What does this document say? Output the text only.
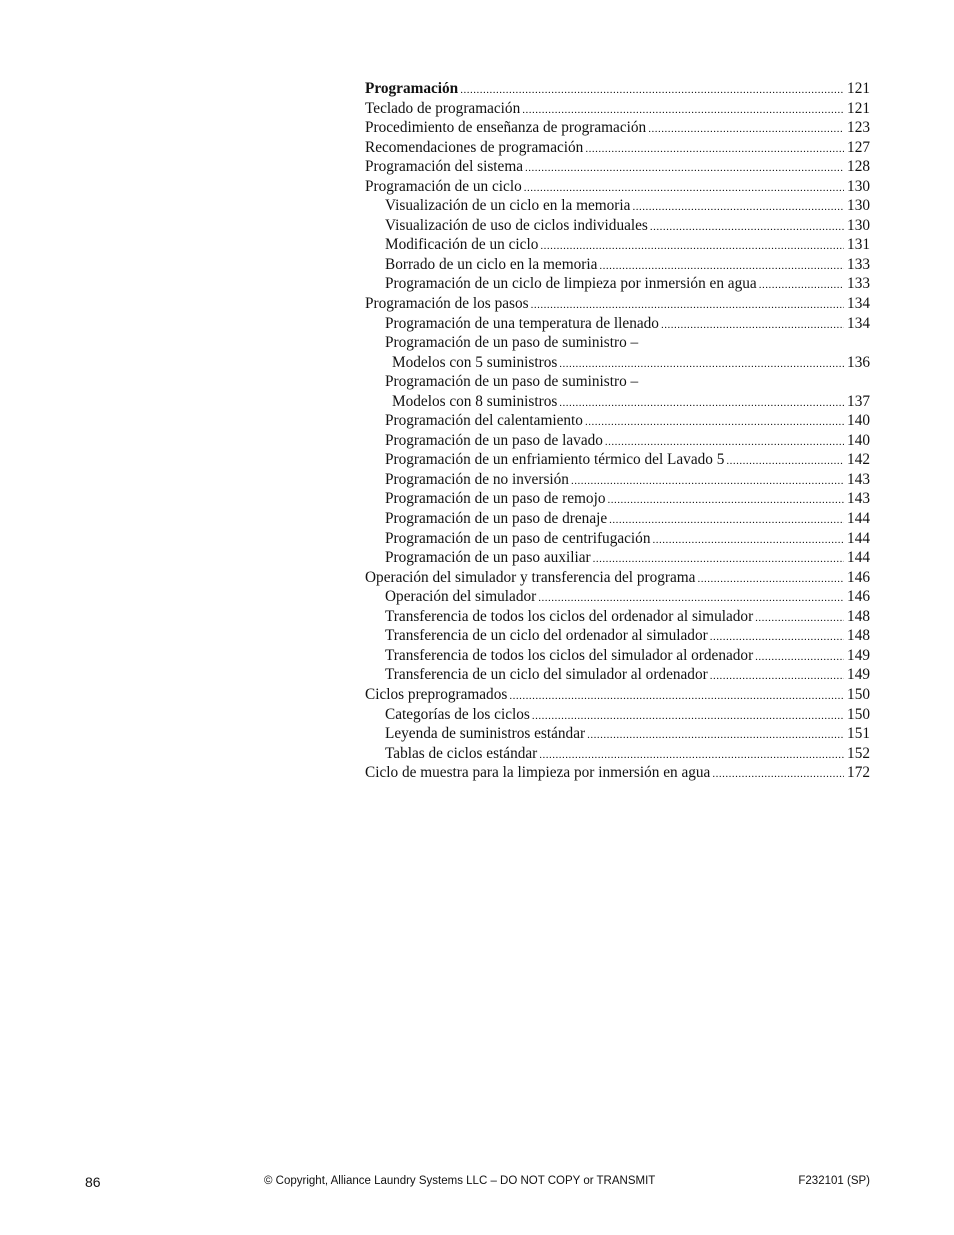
Programación .....	121
Teclado de programación .....	121
Procedimiento de enseñanza de programación .....	123
Recomendaciones de programación .....	127
Programación del sistema .....	128
Programación de un ciclo .....	130
Visualización de un ciclo en la memoria .....	130
Visualización de uso de ciclos individuales .....	130
Modificación de un ciclo .....	131
Borrado de un ciclo en la memoria .....	133
Programación de un ciclo de limpieza por inmersión en agua .....	133
Programación de los pasos .....	134
Programación de una temperatura de llenado .....	134
Programación de un paso de suministro –
Modelos con 5 suministros .....	136
Programación de un paso de suministro –
Modelos con 8 suministros .....	137
Programación del calentamiento .....	140
Programación de un paso de lavado .....	140
Programación de un enfriamiento térmico del Lavado 5 .....	142
Programación de no inversión .....	143
Programación de un paso de remojo .....	143
Programación de un paso de drenaje .....	144
Programación de un paso de centrifugación .....	144
Programación de un paso auxiliar .....	144
Operación del simulador y transferencia del programa .....	146
Operación del simulador .....	146
Transferencia de todos los ciclos del ordenador al simulador .....	148
Transferencia de un ciclo del ordenador al simulador .....	148
Transferencia de todos los ciclos del simulador al ordenador .....	149
Transferencia de un ciclo del simulador al ordenador .....	149
Ciclos preprogramados .....	150
Categorías de los ciclos .....	150
Leyenda de suministros estándar .....	151
Tablas de ciclos estándar .....	152
Ciclo de muestra para la limpieza por inmersión en agua .....	172
86	© Copyright, Alliance Laundry Systems LLC – DO NOT COPY or TRANSMIT	F232101 (SP)
